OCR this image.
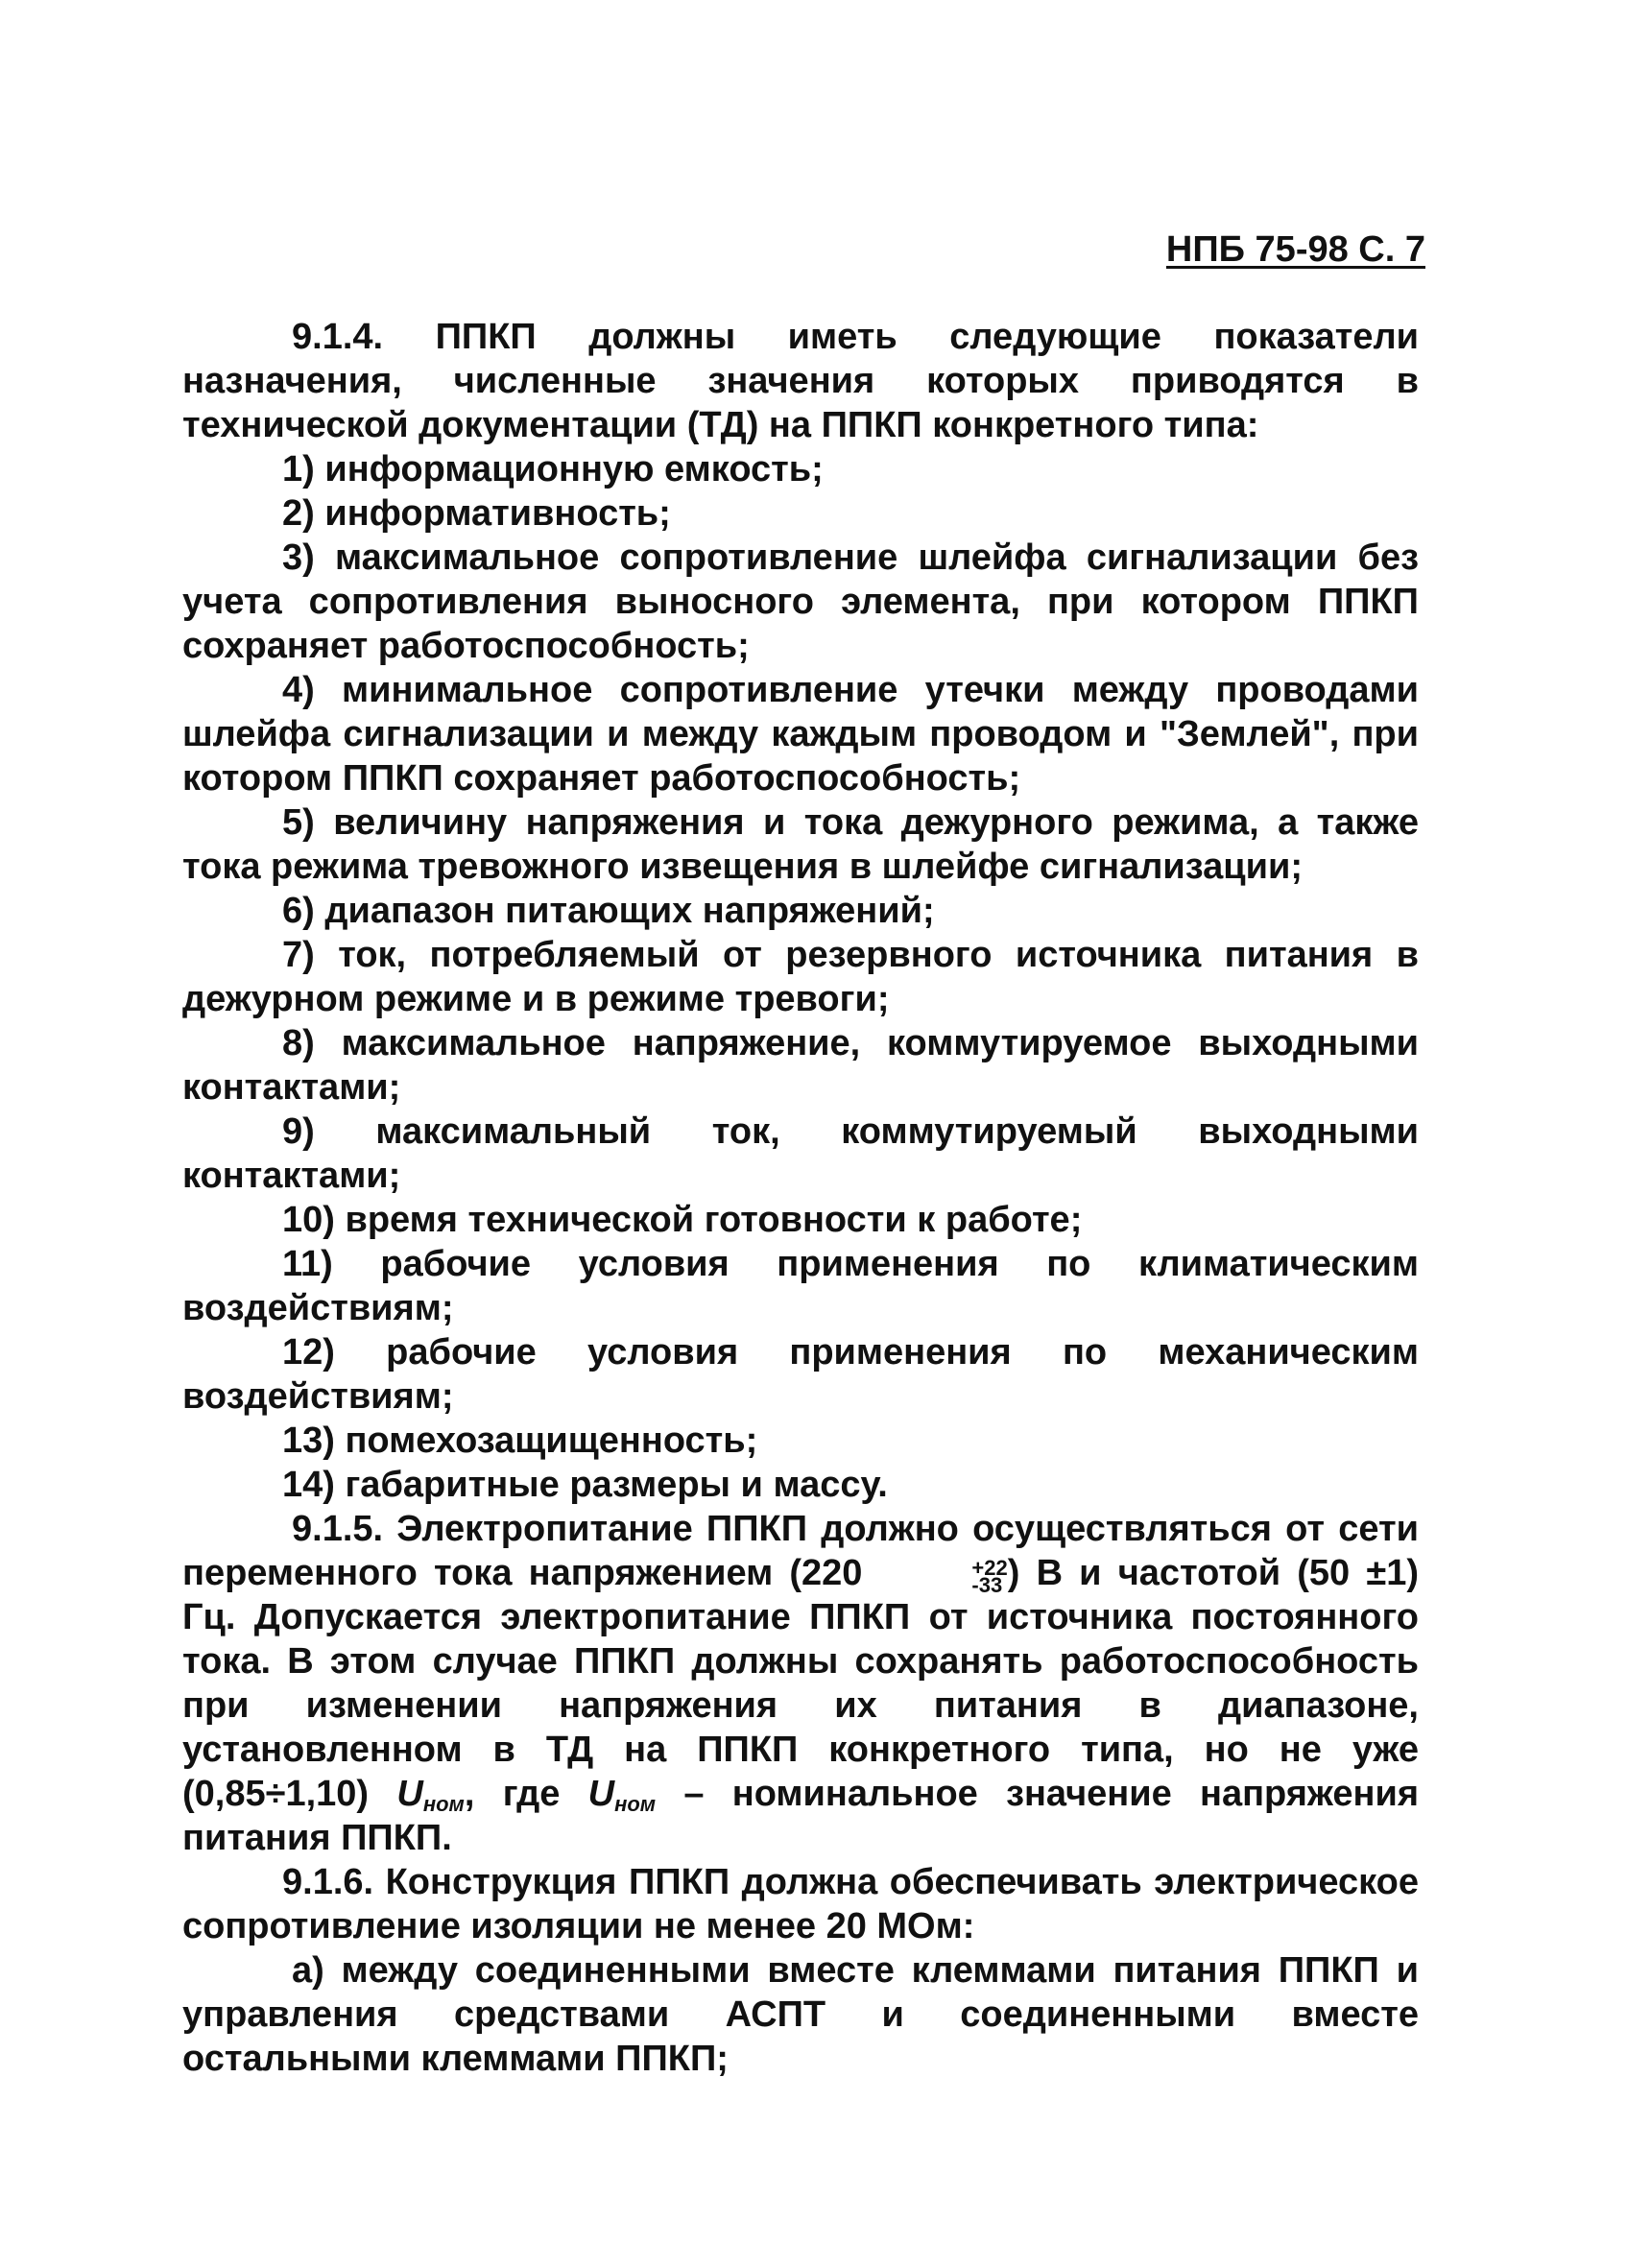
НПБ 75-98 С. 7

9.1.4. ППКП должны иметь следующие показатели назначения, численные значения которых приводятся в технической документации (ТД) на ППКП конкретного типа:

1) информационную емкость;

2) информативность;

3) максимальное сопротивление шлейфа сигнализации без учета сопротивления выносного элемента, при котором ППКП сохраняет работоспособность;

4) минимальное сопротивление утечки между проводами шлейфа сигнализации и между каждым проводом и "Землей", при котором ППКП сохраняет работоспособность;

5) величину напряжения и тока дежурного режима, а также тока режима тревожного извещения в шлейфе сигнализации;

6) диапазон питающих напряжений;

7) ток, потребляемый от резервного источника питания в дежурном режиме и в режиме тревоги;

8) максимальное напряжение, коммутируемое выходными контактами;

9) максимальный ток, коммутируемый выходными контактами;

10) время технической готовности к работе;

11) рабочие условия применения по климатическим воздействиям;

12) рабочие условия применения по механическим воздействиям;

13) помехозащищенность;

14) габаритные размеры и массу.

9.1.5. Электропитание ППКП должно осуществляться от сети переменного тока напряжением (220	+22
-33 ) В и частотой (50 ±1) Гц. Допускается электропитание ППКП от источника постоянного тока. В этом случае ППКП должны сохранять работоспособность при изменении напряжения их питания в диапазоне, установленном в ТД на ППКП конкретного типа, но не уже (0,85÷1,10) $U_{ном}$, где $U_{ном}$ – номинальное значение напряжения питания ППКП.

9.1.6. Конструкция ППКП должна обеспечивать электрическое сопротивление изоляции не менее 20 МОм:

а) между соединенными вместе клеммами питания ППКП и управления средствами АСПТ и соединенными вместе остальными клеммами ППКП;
